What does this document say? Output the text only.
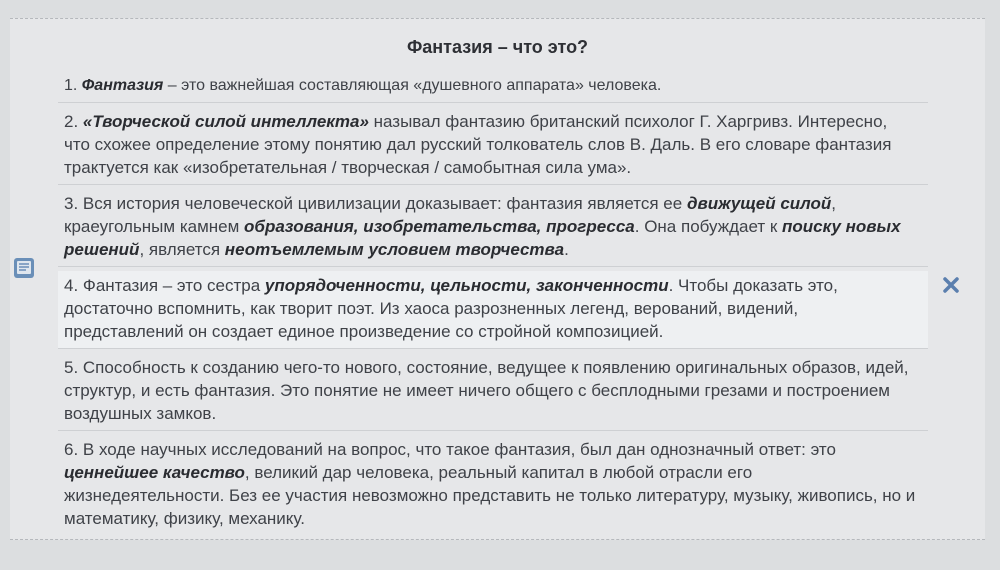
Фантазия – что это?
1. Фантазия – это важнейшая составляющая «душевного аппарата» человека.
2. «Творческой силой интеллекта» называл фантазию британский психолог Г. Харгривз. Интересно, что схожее определение этому понятию дал русский толкователь слов В. Даль. В его словаре фантазия трактуется как «изобретательная / творческая / самобытная сила ума».
3. Вся история человеческой цивилизации доказывает: фантазия является ее движущей силой, краеугольным камнем образования, изобретательства, прогресса. Она побуждает к поиску новых решений, является неотъемлемым условием творчества.
4. Фантазия – это сестра упорядоченности, цельности, законченности. Чтобы доказать это, достаточно вспомнить, как творит поэт. Из хаоса разрозненных легенд, верований, видений, представлений он создает единое произведение со стройной композицией.
5. Способность к созданию чего-то нового, состояние, ведущее к появлению оригинальных образов, идей, структур, и есть фантазия. Это понятие не имеет ничего общего с бесплодными грезами и построением воздушных замков.
6. В ходе научных исследований на вопрос, что такое фантазия, был дан однозначный ответ: это ценнейшее качество, великий дар человека, реальный капитал в любой отрасли его жизнедеятельности. Без ее участия невозможно представить не только литературу, музыку, живопись, но и математику, физику, механику.
